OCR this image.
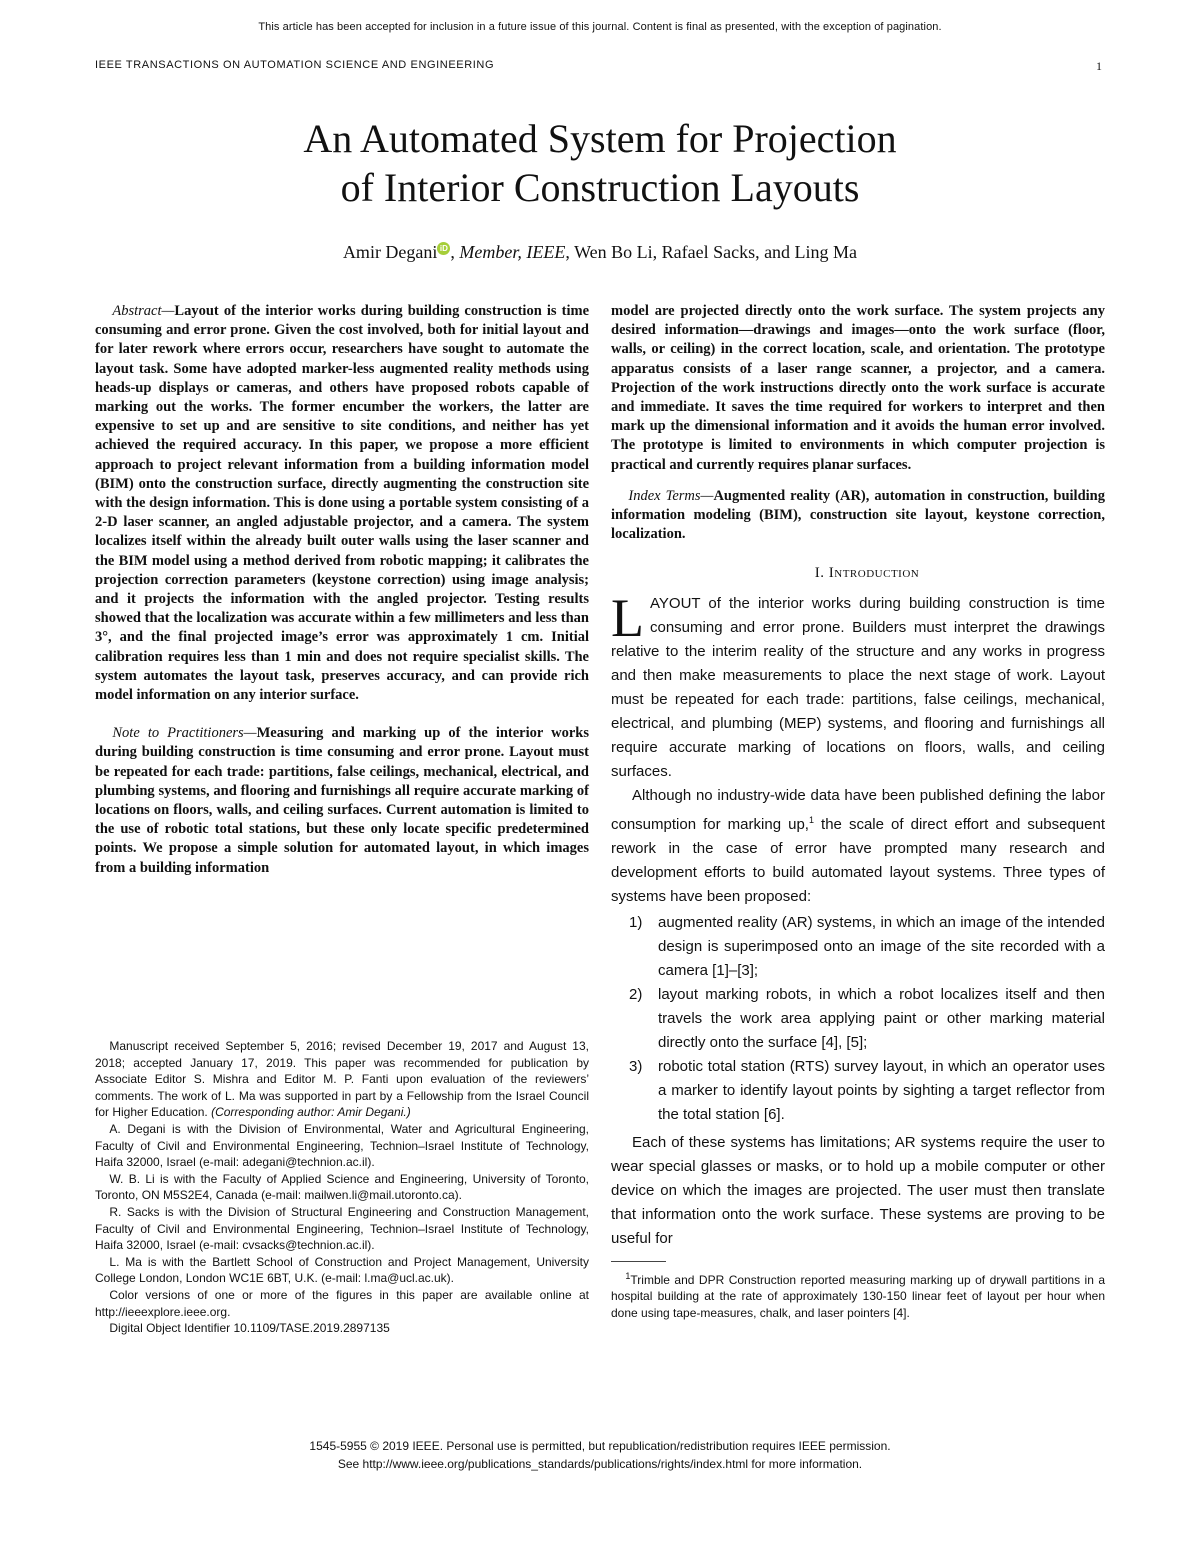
This article has been accepted for inclusion in a future issue of this journal. Content is final as presented, with the exception of pagination.
IEEE TRANSACTIONS ON AUTOMATION SCIENCE AND ENGINEERING	1
An Automated System for Projection
of Interior Construction Layouts
Amir Degani iD , Member, IEEE, Wen Bo Li, Rafael Sacks, and Ling Ma

Abstract—Layout of the interior works during building construction is time consuming and error prone. Given the cost involved, both for initial layout and for later rework where errors occur, researchers have sought to automate the layout task. Some have adopted marker-less augmented reality methods using heads-up displays or cameras, and others have proposed robots capable of marking out the works. The former encumber the workers, the latter are expensive to set up and are sensitive to site conditions, and neither has yet achieved the required accuracy. In this paper, we propose a more efficient approach to project relevant information from a building information model (BIM) onto the construction surface, directly augmenting the construction site with the design information. This is done using a portable system consisting of a 2-D laser scanner, an angled adjustable projector, and a camera. The system localizes itself within the already built outer walls using the laser scanner and the BIM model using a method derived from robotic mapping; it calibrates the projection correction parameters (keystone correction) using image analysis; and it projects the information with the angled projector. Testing results showed that the localization was accurate within a few millimeters and less than 3°, and the final projected image’s error was approximately 1 cm. Initial calibration requires less than 1 min and does not require specialist skills. The system automates the layout task, preserves accuracy, and can provide rich model information on any interior surface.

Note to Practitioners—Measuring and marking up of the interior works during building construction is time consuming and error prone. Layout must be repeated for each trade: partitions, false ceilings, mechanical, electrical, and plumbing systems, and flooring and furnishings all require accurate marking of locations on floors, walls, and ceiling surfaces. Current automation is limited to the use of robotic total stations, but these only locate specific predetermined points. We propose a simple solution for automated layout, in which images from a building information

Manuscript received September 5, 2016; revised December 19, 2017 and August 13, 2018; accepted January 17, 2019. This paper was recommended for publication by Associate Editor S. Mishra and Editor M. P. Fanti upon evaluation of the reviewers’ comments. The work of L. Ma was supported in part by a Fellowship from the Israel Council for Higher Education. (Corresponding author: Amir Degani.)

A. Degani is with the Division of Environmental, Water and Agricultural Engineering, Faculty of Civil and Environmental Engineering, Technion–Israel Institute of Technology, Haifa 32000, Israel (e-mail: adegani@technion.ac.il).

W. B. Li is with the Faculty of Applied Science and Engineering, University of Toronto, Toronto, ON M5S2E4, Canada (e-mail: mailwen.li@mail.utoronto.ca).

R. Sacks is with the Division of Structural Engineering and Construction Management, Faculty of Civil and Environmental Engineering, Technion–Israel Institute of Technology, Haifa 32000, Israel (e-mail: cvsacks@technion.ac.il).

L. Ma is with the Bartlett School of Construction and Project Management, University College London, London WC1E 6BT, U.K. (e-mail: l.ma@ucl.ac.uk).

Color versions of one or more of the figures in this paper are available online at http://ieeexplore.ieee.org.

Digital Object Identifier 10.1109/TASE.2019.2897135

model are projected directly onto the work surface. The system projects any desired information—drawings and images—onto the work surface (floor, walls, or ceiling) in the correct location, scale, and orientation. The prototype apparatus consists of a laser range scanner, a projector, and a camera. Projection of the work instructions directly onto the work surface is accurate and immediate. It saves the time required for workers to interpret and then mark up the dimensional information and it avoids the human error involved. The prototype is limited to environments in which computer projection is practical and currently requires planar surfaces.

Index Terms—Augmented reality (AR), automation in construction, building information modeling (BIM), construction site layout, keystone correction, localization.

I. Introduction

LAYOUT of the interior works during building construction is time consuming and error prone. Builders must interpret the drawings relative to the interim reality of the structure and any works in progress and then make measurements to place the next stage of work. Layout must be repeated for each trade: partitions, false ceilings, mechanical, electrical, and plumbing (MEP) systems, and flooring and furnishings all require accurate marking of locations on floors, walls, and ceiling surfaces.

Although no industry-wide data have been published defining the labor consumption for marking up,$^1$ the scale of direct effort and subsequent rework in the case of error have prompted many research and development efforts to build automated layout systems. Three types of systems have been proposed:

1) augmented reality (AR) systems, in which an image of the intended design is superimposed onto an image of the site recorded with a camera [1]–[3];
2) layout marking robots, in which a robot localizes itself and then travels the work area applying paint or other marking material directly onto the surface [4], [5];
3) robotic total station (RTS) survey layout, in which an operator uses a marker to identify layout points by sighting a target reflector from the total station [6].

Each of these systems has limitations; AR systems require the user to wear special glasses or masks, or to hold up a mobile computer or other device on which the images are projected. The user must then translate that information onto the work surface. These systems are proving to be useful for

$^1$Trimble and DPR Construction reported measuring marking up of drywall partitions in a hospital building at the rate of approximately 130-150 linear feet of layout per hour when done using tape-measures, chalk, and laser pointers [4].

1545-5955 © 2019 IEEE. Personal use is permitted, but republication/redistribution requires IEEE permission.
See http://www.ieee.org/publications_standards/publications/rights/index.html for more information.
